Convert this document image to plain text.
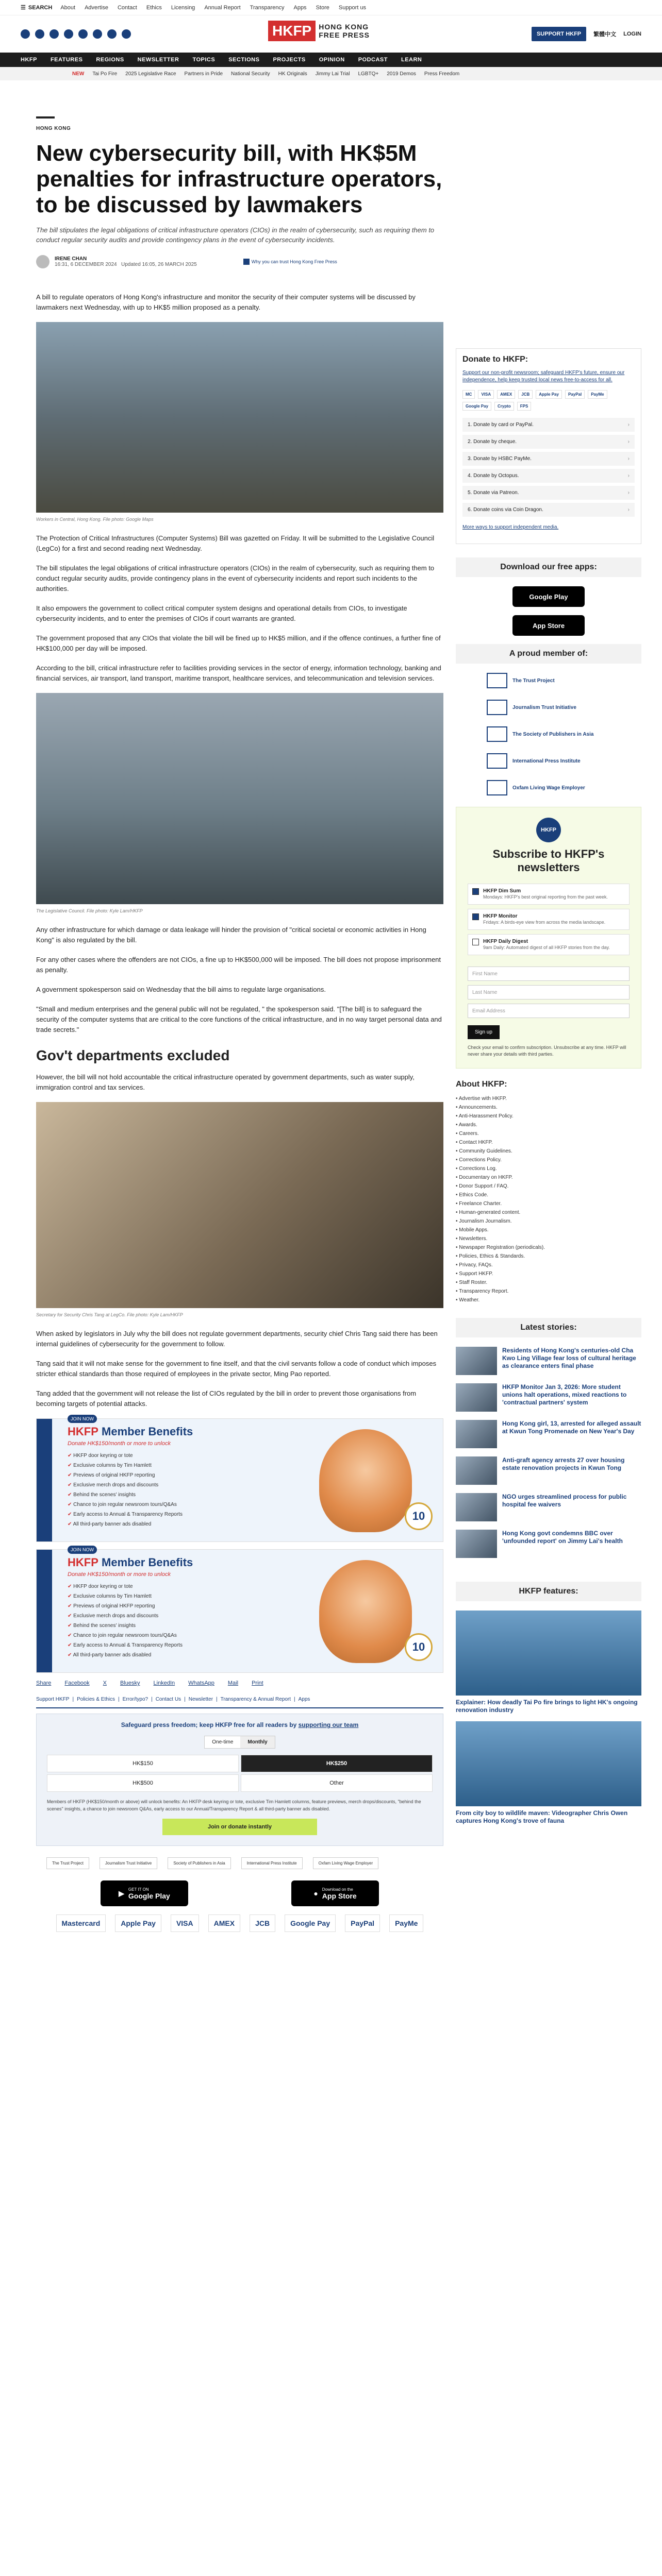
☰ SEARCH About Advertise Contact Ethics Licensing Annual Report Transparency Apps Store Support us
HKFP	HONG KONG
FREE PRESS	SUPPORT HKFP	繁體中文 LOGIN
HKFP FEATURES REGIONS NEWSLETTER TOPICS SECTIONS PROJECTS OPINION PODCAST LEARN
NEW Tai Po Fire 2025 Legislative Race Partners in Pride National Security HK Originals Jimmy Lai Trial LGBTQ+ 2019 Demos Press Freedom
HONG KONG
New cybersecurity bill, with HK$5M penalties for infrastructure operators, to be discussed by lawmakers
The bill stipulates the legal obligations of critical infrastructure operators (CIOs) in the realm of cybersecurity, such as requiring them to conduct regular security audits and provide contingency plans in the event of cybersecurity incidents.
IRENE CHAN
16:31, 6 DECEMBER 2024 Updated 16:05, 26 MARCH 2025	Why you can trust Hong Kong Free Press

A bill to regulate operators of Hong Kong's infrastructure and monitor the security of their computer systems will be discussed by lawmakers next Wednesday, with up to HK$5 million proposed as a penalty.

Workers in Central, Hong Kong. File photo: Google Maps

The Protection of Critical Infrastructures (Computer Systems) Bill was gazetted on Friday. It will be submitted to the Legislative Council (LegCo) for a first and second reading next Wednesday.

The bill stipulates the legal obligations of critical infrastructure operators (CIOs) in the realm of cybersecurity, such as requiring them to conduct regular security audits, provide contingency plans in the event of cybersecurity incidents and report such incidents to the authorities.

It also empowers the government to collect critical computer system designs and operational details from CIOs, to investigate cybersecurity incidents, and to enter the premises of CIOs if court warrants are granted.

The government proposed that any CIOs that violate the bill will be fined up to HK$5 million, and if the offence continues, a further fine of HK$100,000 per day will be imposed.

According to the bill, critical infrastructure refer to facilities providing services in the sector of energy, information technology, banking and financial services, air transport, land transport, maritime transport, healthcare services, and telecommunication and television services.

The Legislative Council. File photo: Kyle Lam/HKFP

Any other infrastructure for which damage or data leakage will hinder the provision of "critical societal or economic activities in Hong Kong" is also regulated by the bill.

For any other cases where the offenders are not CIOs, a fine up to HK$500,000 will be imposed. The bill does not propose imprisonment as penalty.

A government spokesperson said on Wednesday that the bill aims to regulate large organisations.

"Small and medium enterprises and the general public will not be regulated, " the spokesperson said. "[The bill] is to safeguard the security of the computer systems that are critical to the core functions of the critical infrastructure, and in no way target personal data and trade secrets."

Gov't departments excluded

However, the bill will not hold accountable the critical infrastructure operated by government departments, such as water supply, immigration control and tax services.

Secretary for Security Chris Tang at LegCo. File photo: Kyle Lam/HKFP

When asked by legislators in July why the bill does not regulate government departments, security chief Chris Tang said there has been internal guidelines of cybersecurity for the government to follow.

Tang said that it will not make sense for the government to fine itself, and that the civil servants follow a code of conduct which imposes stricter ethical standards than those required of employees in the private sector, Ming Pao reported.

Tang added that the government will not release the list of CIOs regulated by the bill in order to prevent those organisations from becoming targets of potential attacks.

JOIN NOW
HKFP Member Benefits
Donate HK$150/month or more to unlock
✔ HKFP door keyring or tote
✔ Exclusive columns by Tim Hamlett
✔ Previews of original HKFP reporting
✔ Exclusive merch drops and discounts
✔ Behind the scenes' insights
✔ Chance to join regular newsroom tours/Q&As
✔ Early access to Annual & Transparency Reports
✔ All third-party banner ads disabled
10
JOIN NOW
HKFP Member Benefits
Donate HK$150/month or more to unlock
✔ HKFP door keyring or tote
✔ Exclusive columns by Tim Hamlett
✔ Previews of original HKFP reporting
✔ Exclusive merch drops and discounts
✔ Behind the scenes' insights
✔ Chance to join regular newsroom tours/Q&As
✔ Early access to Annual & Transparency Reports
✔ All third-party banner ads disabled
10
Share Facebook X Bluesky LinkedIn WhatsApp Mail Print
Support HKFP | Policies & Ethics | Error/typo? | Contact Us | Newsletter | Transparency & Annual Report | Apps
Safeguard press freedom; keep HKFP free for all readers by supporting our team
One-time	Monthly
HK$150	HK$250
HK$500	Other
Members of HKFP (HK$150/month or above) will unlock benefits: An HKFP desk keyring or tote, exclusive Tim Hamlett columns, feature previews, merch drops/discounts, "behind the scenes" insights, a chance to join newsroom Q&As, early access to our Annual/Transparency Report & all third-party banner ads disabled.
Join or donate instantly
The Trust Project	Journalism Trust Initiative	Society of Publishers in Asia	International Press Institute	Oxfam Living Wage Employer
▶ GET IT ON
Google Play	● Download on the
App Store
Mastercard	Apple Pay	VISA	AMEX	JCB	Google Pay	PayPal	PayMe
Donate to HKFP:
Support our non-profit newsroom; safeguard HKFP's future, ensure our independence, help keep trusted local news free-to-access for all.
MC	VISA	AMEX	JCB	Apple Pay	PayPal	PayMe
Google Pay	Crypto	FPS
1. Donate by card or PayPal. ›
2. Donate by cheque. ›
3. Donate by HSBC PayMe. ›
4. Donate by Octopus. ›
5. Donate via Patreon. ›
6. Donate coins via Coin Dragon. ›
More ways to support independent media.
Download our free apps:
Google Play
App Store
A proud member of:
The Trust Project
Journalism Trust Initiative
The Society of Publishers in Asia
International Press Institute
Oxfam Living Wage Employer
HKFP
Subscribe to HKFP's newsletters
HKFP Dim Sum
Mondays: HKFP's best original reporting from the past week.
HKFP Monitor
Fridays: A birds-eye view from across the media landscape.
HKFP Daily Digest
9am Daily: Automated digest of all HKFP stories from the day.
First Name
Last Name
Email Address
Sign up
Check your email to confirm subscription. Unsubscribe at any time. HKFP will never share your details with third parties.
About HKFP:
• Advertise with HKFP.
• Announcements.
• Anti-Harassment Policy.
• Awards.
• Careers.
• Contact HKFP.
• Community Guidelines.
• Corrections Policy.
• Corrections Log.
• Documentary on HKFP.
• Donor Support / FAQ.
• Ethics Code.
• Freelance Charter.
• Human-generated content.
• Journalism Journalism.
• Mobile Apps.
• Newsletters.
• Newspaper Registration (periodicals).
• Policies, Ethics & Standards.
• Privacy, FAQs.
• Support HKFP.
• Staff Roster.
• Transparency Report.
• Weather.
Latest stories:
Residents of Hong Kong's centuries-old Cha Kwo Ling Village fear loss of cultural heritage as clearance enters final phase
HKFP Monitor Jan 3, 2026: More student unions halt operations, mixed reactions to 'contractual partners' system
Hong Kong girl, 13, arrested for alleged assault at Kwun Tong Promenade on New Year's Day
Anti-graft agency arrests 27 over housing estate renovation projects in Kwun Tong
NGO urges streamlined process for public hospital fee waivers
Hong Kong govt condemns BBC over 'unfounded report' on Jimmy Lai's health
HKFP features:
Explainer: How deadly Tai Po fire brings to light HK's ongoing renovation industry
From city boy to wildlife maven: Videographer Chris Owen captures Hong Kong's trove of fauna
